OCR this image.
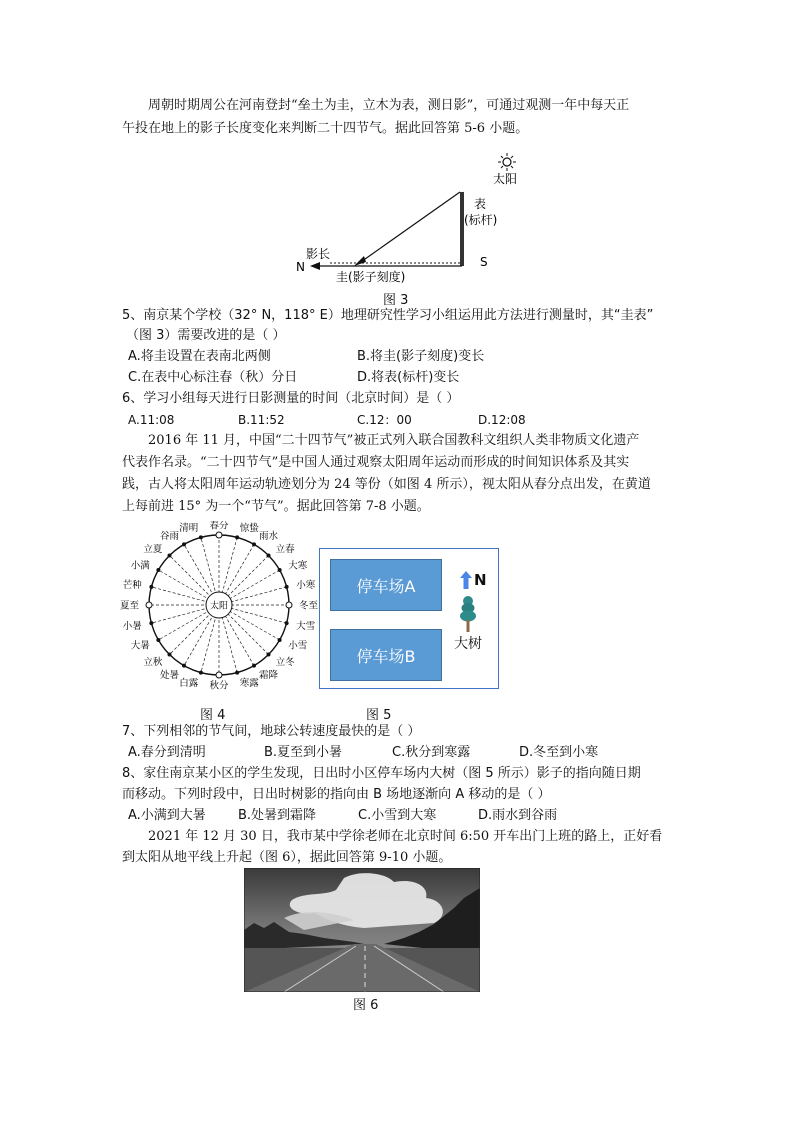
周朝时期周公在河南登封“垒土为圭，立木为表，测日影”，可通过观测一年中每天正
午投在地上的影子长度变化来判断二十四节气。据此回答第 5-6 小题。
太阳
表
(标杆)
影长
N	S
圭(影子刻度)
图 3
5、南京某个学校（32° N，118° E）地理研究性学习小组运用此方法进行测量时，其“圭表”
（图 3）需要改进的是（ ）
A.将圭设置在表南北两侧	B.将圭(影子刻度)变长
C.在表中心标注春（秋）分日	D.将表(标杆)变长
6、学习小组每天进行日影测量的时间（北京时间）是（ ）
A.11:08	B.11:52	C.12：00	D.12:08
2016 年 11 月，中国“二十四节气”被正式列入联合国教科文组织人类非物质文化遗产
代表作名录。“二十四节气”是中国人通过观察太阳周年运动而形成的时间知识体系及其实
践，古人将太阳周年运动轨迹划分为 24 等份（如图 4 所示），视太阳从春分点出发，在黄道
上每前进 15° 为一个“节气”。据此回答第 7-8 小题。
太阳
春分
清明
谷雨
立夏
小满
芒种
夏至
小暑
大暑
立秋
处暑
白露 秋分 寒露
霜降
立冬
小雪
大雪
冬至
小寒
大寒
立春
雨水
惊蛰
图 4
停车场A
停车场B
N
大树
图 5
7、下列相邻的节气间，地球公转速度最快的是（ ）
A.春分到清明	B.夏至到小暑	C.秋分到寒露	D.冬至到小寒
8、家住南京某小区的学生发现，日出时小区停车场内大树（图 5 所示）影子的指向随日期
而移动。下列时段中，日出时树影的指向由 B 场地逐渐向 A 移动的是（ ）
A.小满到大暑 B.处暑到霜降	C.小雪到大寒	D.雨水到谷雨
2021 年 12 月 30 日，我市某中学徐老师在北京时间 6:50 开车出门上班的路上，正好看
到太阳从地平线上升起（图 6），据此回答第 9-10 小题。
图 6
